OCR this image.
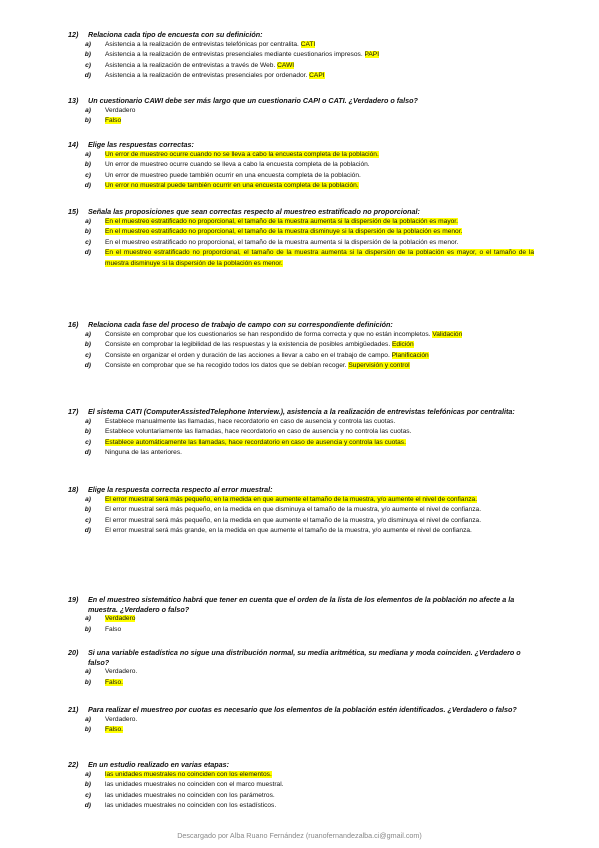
12)	Relaciona cada tipo de encuesta con su definición:
a)	Asistencia a la realización de entrevistas telefónicas por centralita. CATI
b)	Asistencia a la realización de entrevistas presenciales mediante cuestionarios impresos. PAPI
c)	Asistencia a la realización de entrevistas a través de Web. CAWI
d)	Asistencia a la realización de entrevistas presenciales por ordenador. CAPI
13)	Un cuestionario CAWI debe ser más largo que un cuestionario CAPI o CATI. ¿Verdadero o falso?
a)	Verdadero
b)	Falso
14)	Elige las respuestas correctas:
a)	Un error de muestreo ocurre cuando no se lleva a cabo la encuesta completa de la población.
b)	Un error de muestreo ocurre cuando se lleva a cabo la encuesta completa de la población.
c)	Un error de muestreo puede también ocurrir en una encuesta completa de la población.
d)	Un error no muestral puede también ocurrir en una encuesta completa de la población.
15)	Señala las proposiciones que sean correctas respecto al muestreo estratificado no proporcional:
a)	En el muestreo estratificado no proporcional, el tamaño de la muestra aumenta si la dispersión de la población es mayor.
b)	En el muestreo estratificado no proporcional, el tamaño de la muestra disminuye si la dispersión de la población es menor.
c)	En el muestreo estratificado no proporcional, el tamaño de la muestra aumenta si la dispersión de la población es menor.
d)	En el muestreo estratificado no proporcional, el tamaño de la muestra aumenta si la dispersión de la población es mayor, o el tamaño de la muestra disminuye si la dispersión de la población es menor.
16)	Relaciona cada fase del proceso de trabajo de campo con su correspondiente definición:
a)	Consiste en comprobar que los cuestionarios se han respondido de forma correcta y que no están incompletos. Validación
b)	Consiste en comprobar la legibilidad de las respuestas y la existencia de posibles ambigüedades. Edición
c)	Consiste en organizar el orden y duración de las acciones a llevar a cabo en el trabajo de campo. Planificación
d)	Consiste en comprobar que se ha recogido todos los datos que se debían recoger. Supervisión y control
17)	El sistema CATI (ComputerAssistedTelephone Interview.), asistencia a la realización de entrevistas telefónicas por centralita:
a)	Establece manualmente las llamadas, hace recordatorio en caso de ausencia y controla las cuotas.
b)	Establece voluntariamente las llamadas, hace recordatorio en caso de ausencia y no controla las cuotas.
c)	Establece automáticamente las llamadas, hace recordatorio en caso de ausencia y controla las cuotas.
d)	Ninguna de las anteriores.
18)	Elige la respuesta correcta respecto al error muestral:
a)	El error muestral será más pequeño, en la medida en que aumente el tamaño de la muestra, y/o aumente el nivel de confianza.
b)	El error muestral será más pequeño, en la medida en que disminuya el tamaño de la muestra, y/o aumente el nivel de confianza.
c)	El error muestral será más pequeño, en la medida en que aumente el tamaño de la muestra, y/o disminuya el nivel de confianza.
d)	El error muestral será más grande, en la medida en que aumente el tamaño de la muestra, y/o aumente el nivel de confianza.
19)	En el muestreo sistemático habrá que tener en cuenta que el orden de la lista de los elementos de la población no afecte a la muestra. ¿Verdadero o falso?
a)	Verdadero
b)	Falso
20)	Si una variable estadística no sigue una distribución normal, su media aritmética, su mediana y moda coinciden. ¿Verdadero o falso?
a)	Verdadero.
b)	Falso.
21)	Para realizar el muestreo por cuotas es necesario que los elementos de la población estén identificados. ¿Verdadero o falso?
a)	Verdadero.
b)	Falso.
22)	En un estudio realizado en varias etapas:
a)	las unidades muestrales no coinciden con los elementos.
b)	las unidades muestrales no coinciden con el marco muestral.
c)	las unidades muestrales no coinciden con los parámetros.
d)	las unidades muestrales no coinciden con los estadísticos.
Descargado por Alba Ruano Fernández (ruanofernandezalba.ci@gmail.com)
